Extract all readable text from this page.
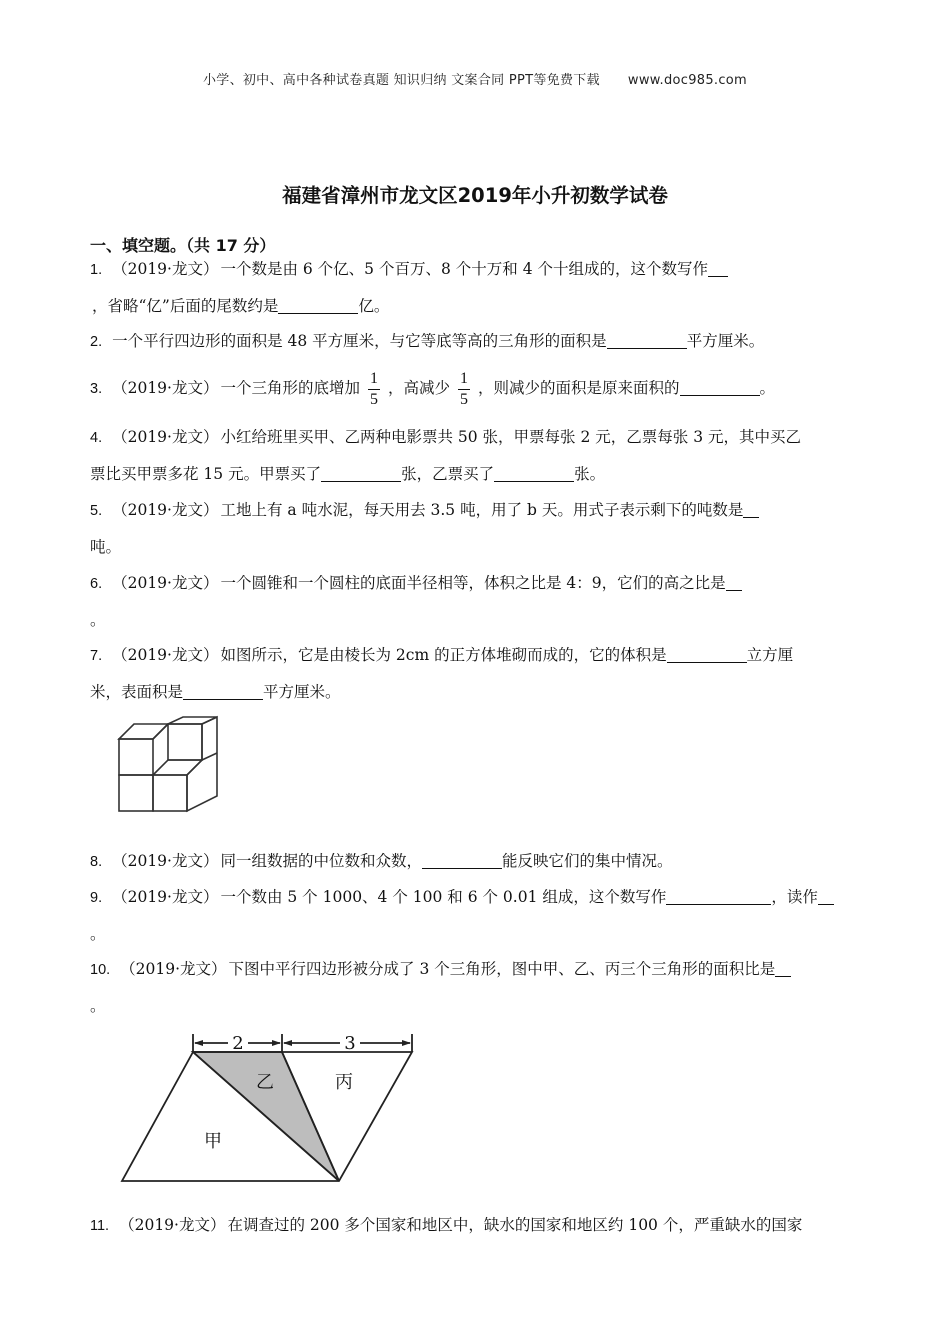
小学、初中、高中各种试卷真题 知识归纳 文案合同 PPT等免费下载 www.doc985.com
福建省漳州市龙文区2019年小升初数学试卷
一、填空题。（共 17 分）
1. （2019·龙文） 一个数是由 6 个亿、5 个百万、8 个十万和 4 个十组成的，这个数写作
，省略“亿”后面的尾数约是	亿。
2. 一个平行四边形的面积是 48 平方厘米，与它等底等高的三角形的面积是	平方厘米。
3. （2019·龙文） 一个三角形的底增加 $\frac{1}{5}$ ，高减少 $\frac{1}{5}$ ，则减少的面积是原来面积的	。
4. （2019·龙文） 小红给班里买甲、乙两种电影票共 50 张，甲票每张 2 元，乙票每张 3 元，其中买乙
票比买甲票多花 15 元。甲票买了	张，乙票买了	张。
5. （2019·龙文） 工地上有 a 吨水泥，每天用去 3.5 吨，用了 b 天。用式子表示剩下的吨数是
吨。
6. （2019·龙文） 一个圆锥和一个圆柱的底面半径相等，体积之比是 4：9，它们的高之比是
。
7. （2019·龙文） 如图所示，它是由棱长为 2cm 的正方体堆砌而成的，它的体积是	立方厘
米，表面积是	平方厘米。
8. （2019·龙文） 同一组数据的中位数和众数，	能反映它们的集中情况。
9. （2019·龙文） 一个数由 5 个 1000、4 个 100 和 6 个 0.01 组成，这个数写作	，读作
。
10. （2019·龙文） 下图中平行四边形被分成了 3 个三角形，图中甲、乙、丙三个三角形的面积比是
。
2	3
甲
乙	丙
11. （2019·龙文） 在调查过的 200 多个国家和地区中，缺水的国家和地区约 100 个，严重缺水的国家
